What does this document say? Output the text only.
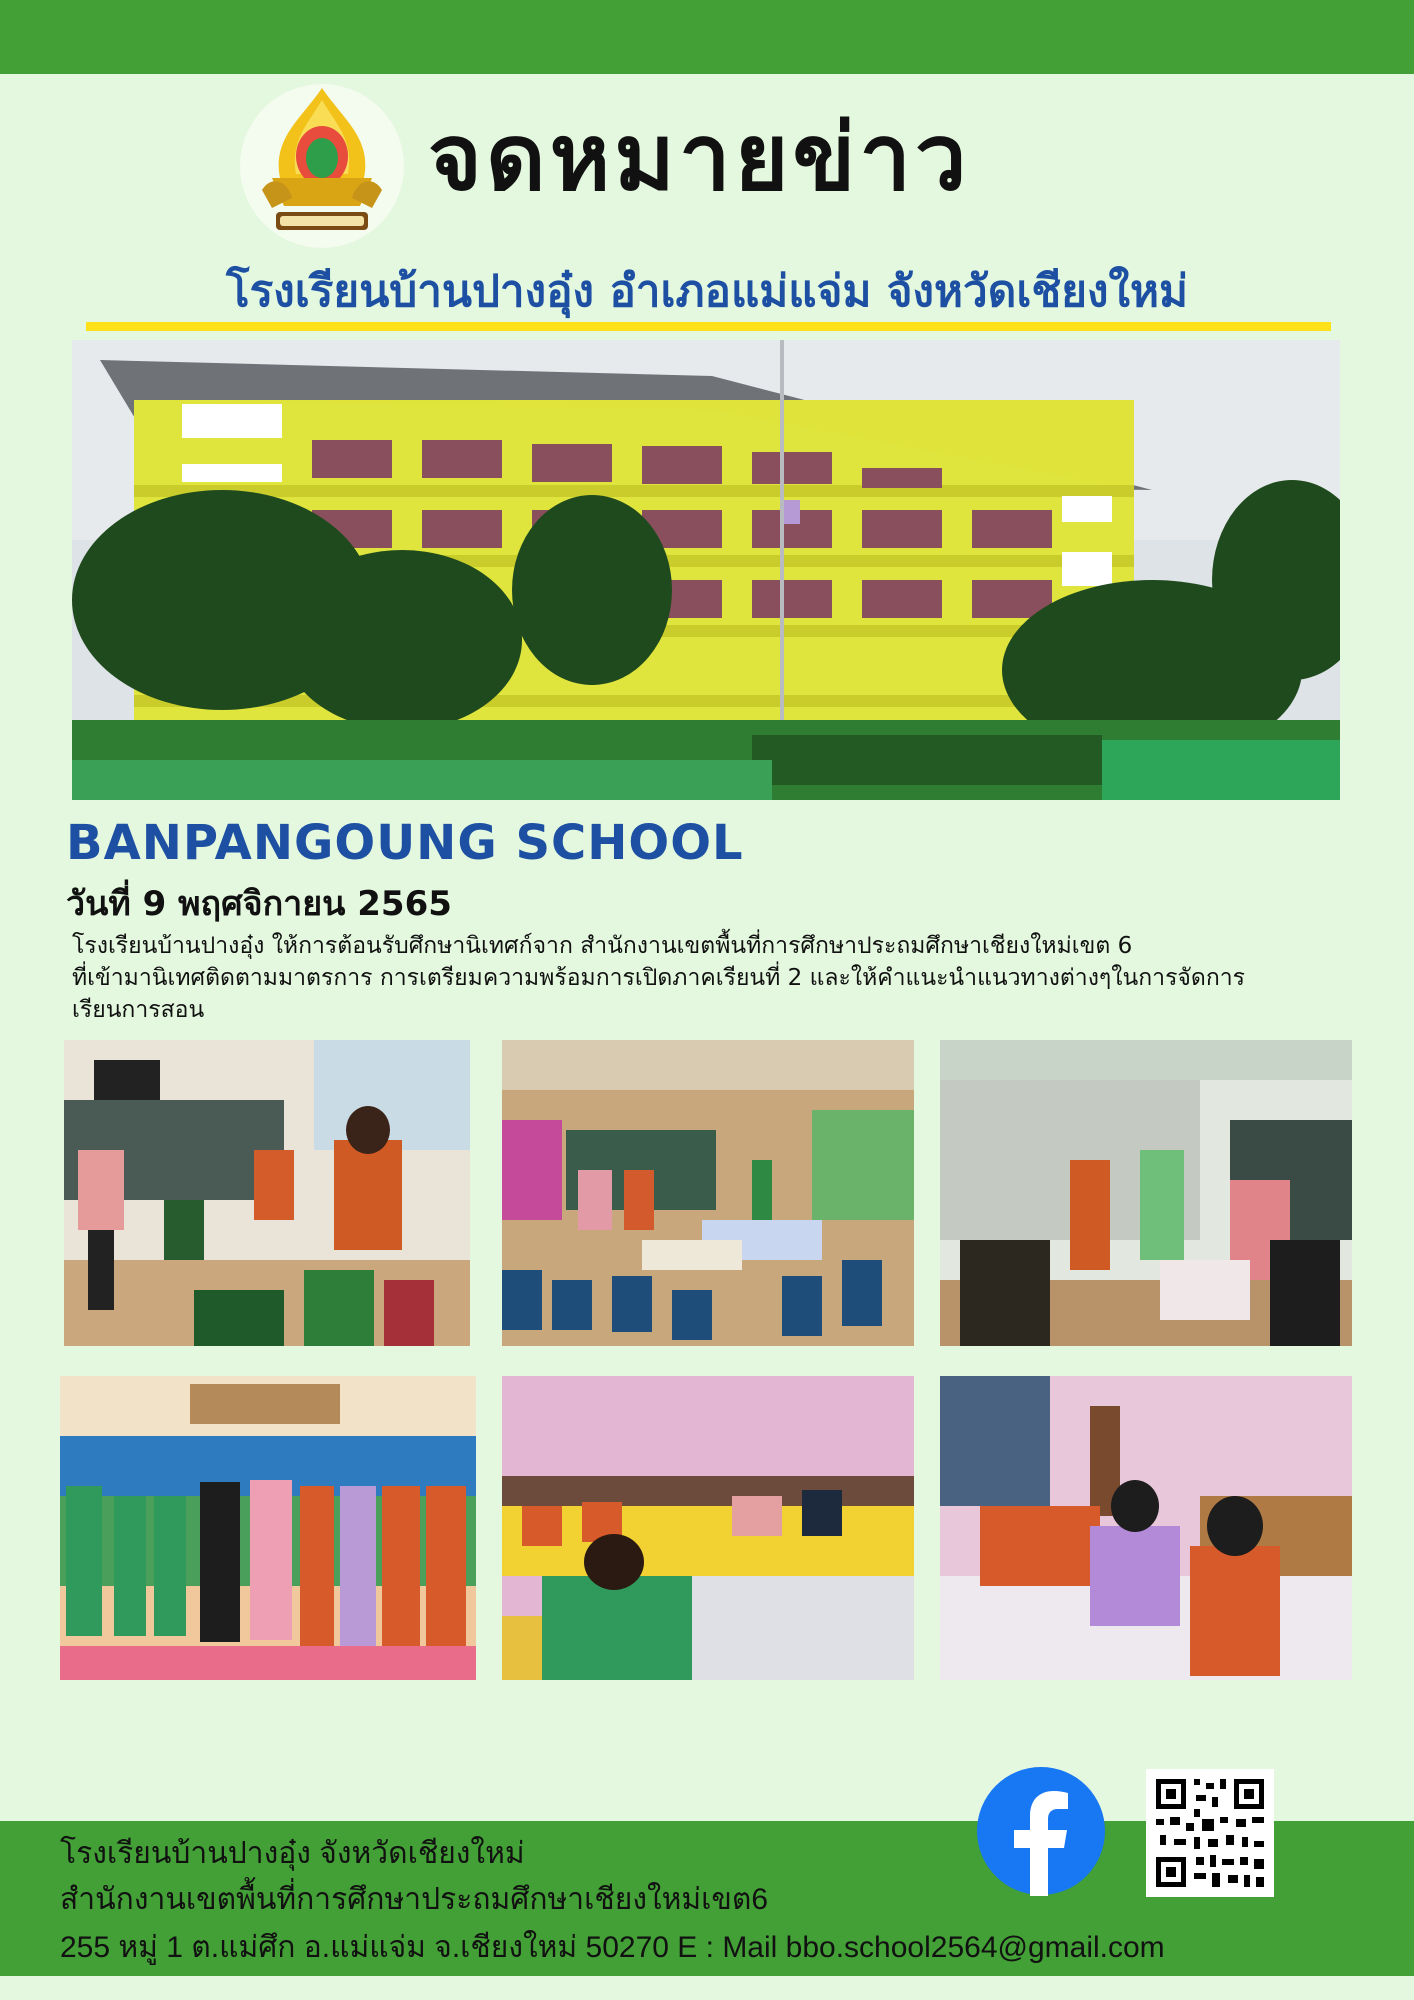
จดหมายข่าว
โรงเรียนบ้านปางอุ๋ง อำเภอแม่แจ่ม จังหวัดเชียงใหม่
BANPANGOUNG SCHOOL
วันที่ 9 พฤศจิกายน 2565
โรงเรียนบ้านปางอุ๋ง ให้การต้อนรับศึกษานิเทศก์จาก สำนักงานเขตพื้นที่การศึกษาประถมศึกษาเชียงใหม่เขต 6
ที่เข้ามานิเทศติดตามมาตรการ การเตรียมความพร้อมการเปิดภาคเรียนที่ 2 และให้คำแนะนำแนวทางต่างๆในการจัดการ
เรียนการสอน
โรงเรียนบ้านปางอุ๋ง จังหวัดเชียงใหม่
สำนักงานเขตพื้นที่การศึกษาประถมศึกษาเชียงใหม่เขต6
255 หมู่ 1 ต.แม่ศึก อ.แม่แจ่ม จ.เชียงใหม่ 50270 E : Mail bbo.school2564@gmail.com
